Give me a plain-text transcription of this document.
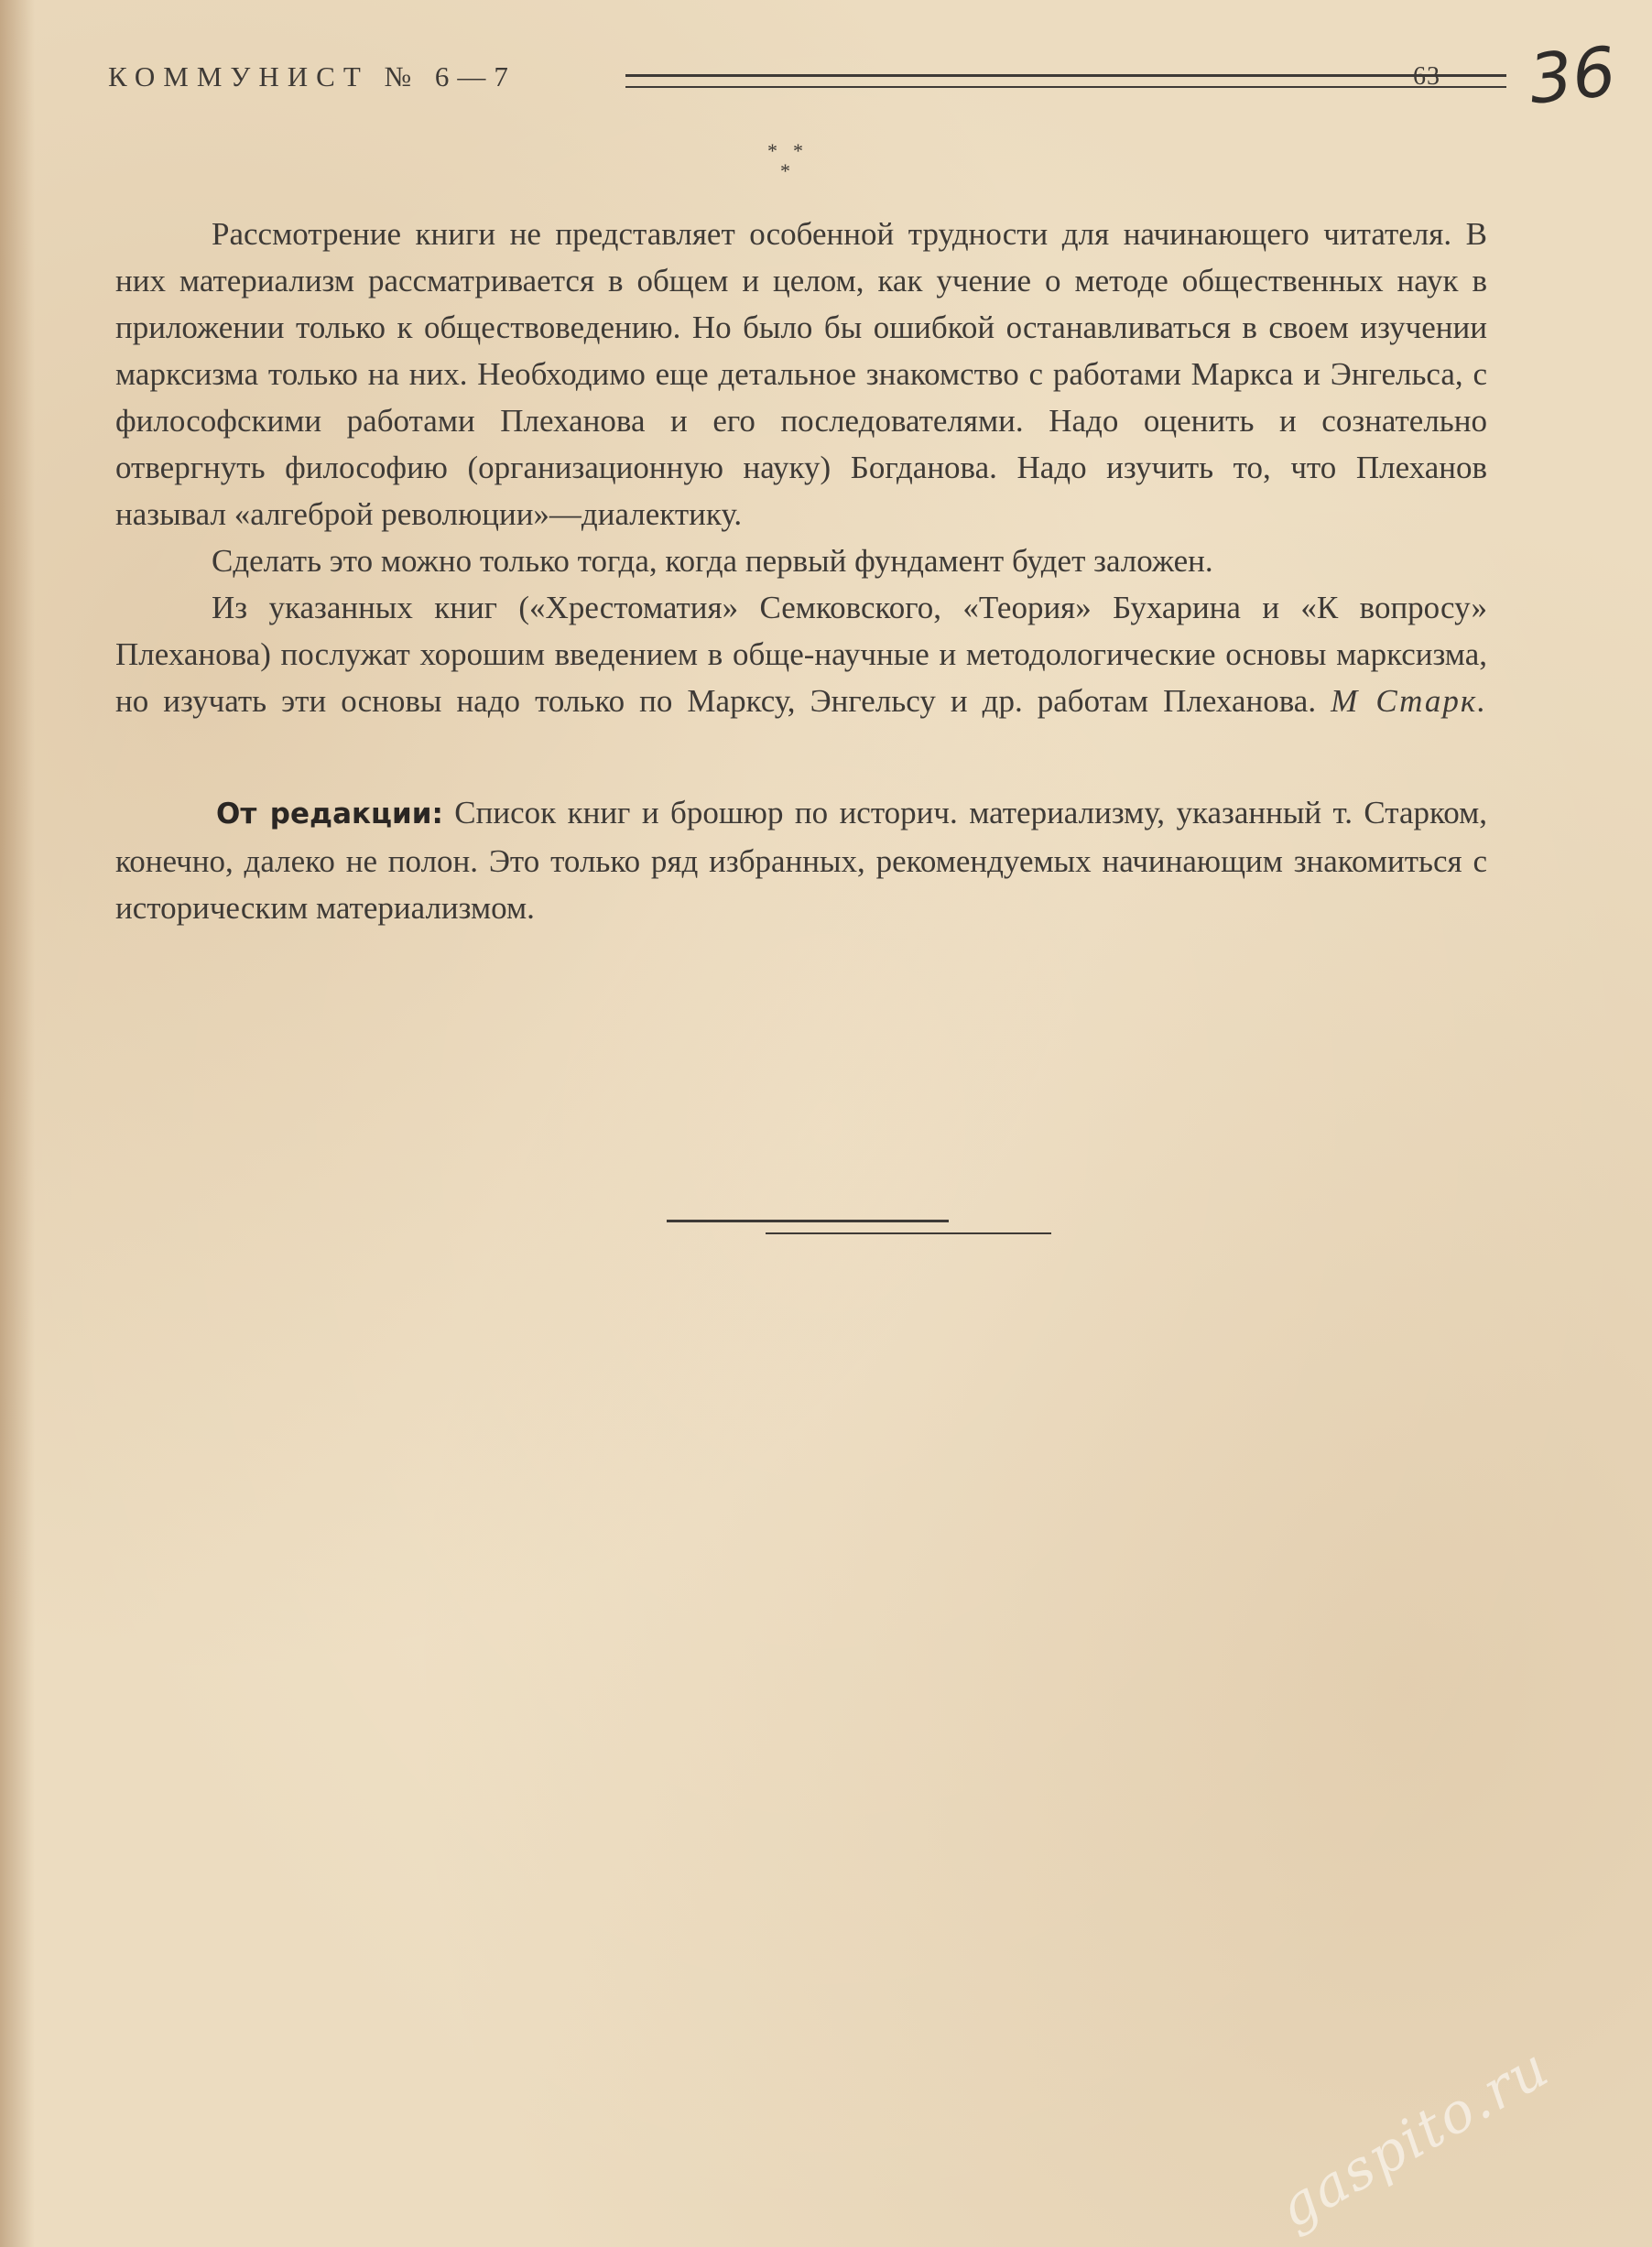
КОММУНИСТ № 6—7	63 36
* *
*

Рассмотрение книги не представляет особенной трудности для начинающего читателя. В них материализм рассматривается в общем и целом, как учение о методе общественных наук в приложении только к обществоведению. Но было бы ошибкой останавливаться в своем изучении марксизма только на них. Необходимо еще детальное знакомство с работами Маркса и Энгельса, с философскими работами Плеханова и его последователями. Надо оценить и сознательно отвергнуть философию (организационную науку) Богданова. Надо изучить то, что Плеханов называл «алгеброй революции»—диалектику.

Сделать это можно только тогда, когда первый фундамент будет заложен.

Из указанных книг («Хрестоматия» Семковского, «Теория» Бухарина и «К вопросу» Плеханова) послужат хорошим введением в обще-научные и методологические основы марксизма, но изучать эти основы надо только по Марксу, Энгельсу и др. работам Плеханова. М Старк.

От редакции: Список книг и брошюр по историч. материализму, указанный т. Старком, конечно, далеко не полон. Это только ряд избранных, рекомендуемых начинающим знакомиться с историческим материализмом.

gaspito.ru
